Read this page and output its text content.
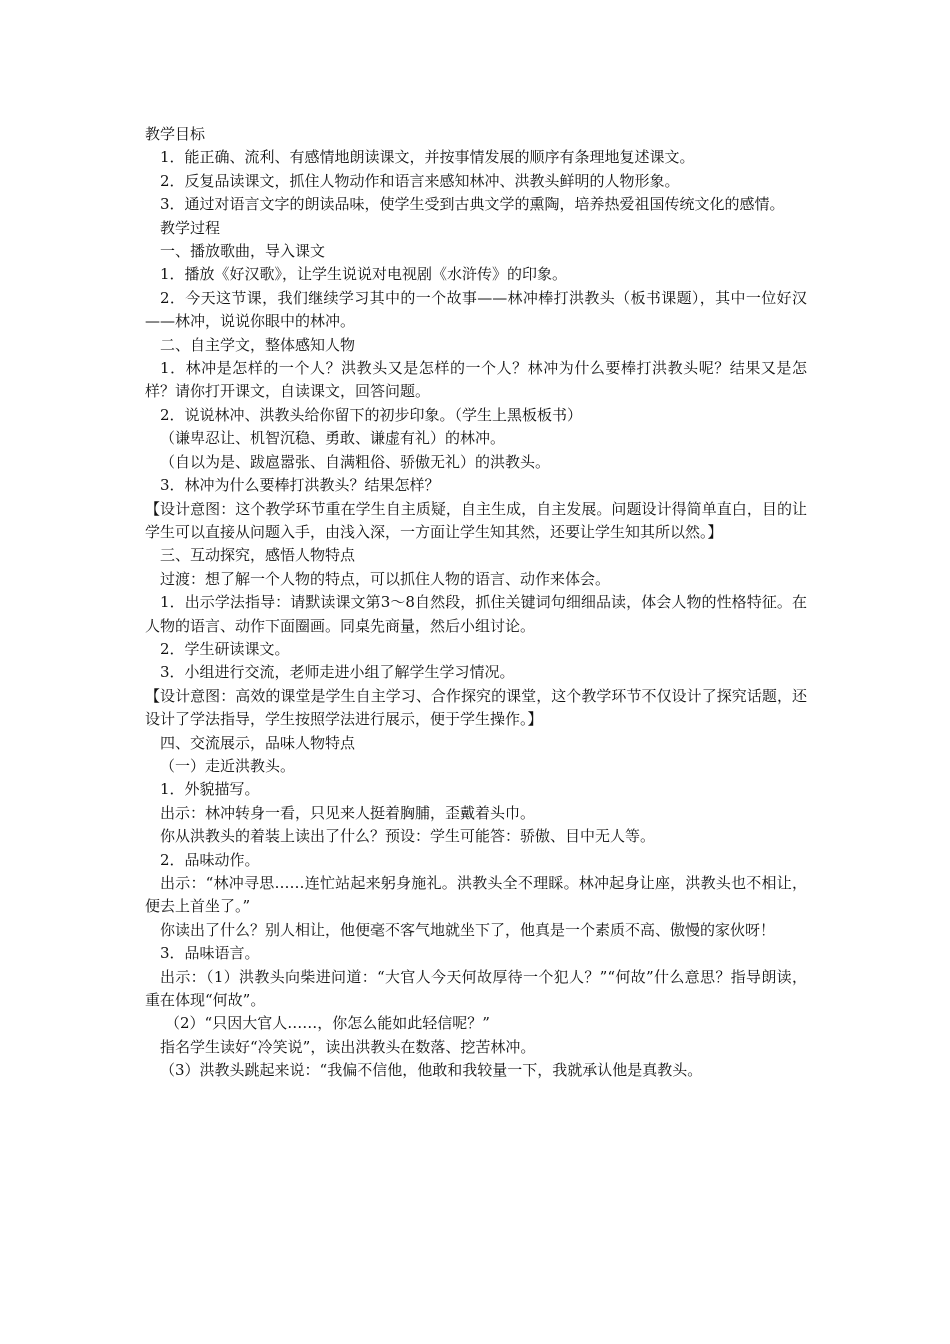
教学目标
1．能正确、流利、有感情地朗读课文，并按事情发展的顺序有条理地复述课文。
2．反复品读课文，抓住人物动作和语言来感知林冲、洪教头鲜明的人物形象。
3．通过对语言文字的朗读品味，使学生受到古典文学的熏陶，培养热爱祖国传统文化的感情。
教学过程
一、播放歌曲，导入课文
1．播放《好汉歌》，让学生说说对电视剧《水浒传》的印象。
2．今天这节课，我们继续学习其中的一个故事——林冲棒打洪教头（板书课题），其中一位好汉——林冲，说说你眼中的林冲。
二、自主学文，整体感知人物
1．林冲是怎样的一个人？洪教头又是怎样的一个人？林冲为什么要棒打洪教头呢？结果又是怎样？请你打开课文，自读课文，回答问题。
2．说说林冲、洪教头给你留下的初步印象。（学生上黑板板书）
（谦卑忍让、机智沉稳、勇敢、谦虚有礼）的林冲。
（自以为是、跋扈嚣张、自满粗俗、骄傲无礼）的洪教头。
3．林冲为什么要棒打洪教头？结果怎样？
【设计意图：这个教学环节重在学生自主质疑，自主生成，自主发展。问题设计得简单直白，目的让学生可以直接从问题入手，由浅入深，一方面让学生知其然，还要让学生知其所以然。】
三、互动探究，感悟人物特点
过渡：想了解一个人物的特点，可以抓住人物的语言、动作来体会。
1．出示学法指导：请默读课文第3～8自然段，抓住关键词句细细品读，体会人物的性格特征。在人物的语言、动作下面圈画。同桌先商量，然后小组讨论。
2．学生研读课文。
3．小组进行交流，老师走进小组了解学生学习情况。
【设计意图：高效的课堂是学生自主学习、合作探究的课堂，这个教学环节不仅设计了探究话题，还设计了学法指导，学生按照学法进行展示，便于学生操作。】
四、交流展示，品味人物特点
（一）走近洪教头。
1．外貌描写。
出示：林冲转身一看，只见来人挺着胸脯，歪戴着头巾。
你从洪教头的着装上读出了什么？预设：学生可能答：骄傲、目中无人等。
2．品味动作。
出示：“林冲寻思……连忙站起来躬身施礼。洪教头全不理睬。林冲起身让座，洪教头也不相让，便去上首坐了。”
你读出了什么？别人相让，他便毫不客气地就坐下了，他真是一个素质不高、傲慢的家伙呀！
3．品味语言。
出示：（1）洪教头向柴进问道：“大官人今天何故厚待一个犯人？”“何故”什么意思？指导朗读，重在体现“何故”。
（2）“只因大官人……，你怎么能如此轻信呢？”
指名学生读好“冷笑说”，读出洪教头在数落、挖苦林冲。
（3）洪教头跳起来说：“我偏不信他，他敢和我较量一下，我就承认他是真教头。
